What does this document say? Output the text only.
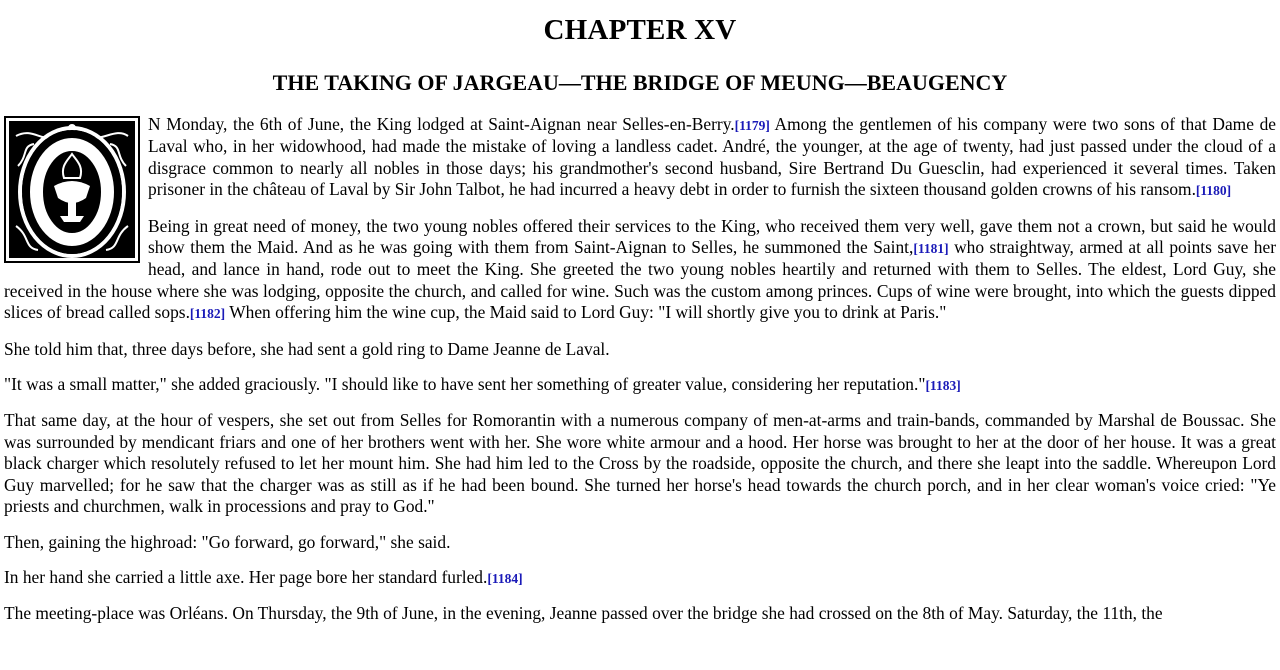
CHAPTER XV
THE TAKING OF JARGEAU—THE BRIDGE OF MEUNG—BEAUGENCY

N Monday, the 6th of June, the King lodged at Saint-Aignan near Selles-en-Berry.[1179] Among the gentlemen of his company were two sons of that Dame de Laval who, in her widowhood, had made the mistake of loving a landless cadet. André, the younger, at the age of twenty, had just passed under the cloud of a disgrace common to nearly all nobles in those days; his grandmother's second husband, Sire Bertrand Du Guesclin, had experienced it several times. Taken prisoner in the château of Laval by Sir John Talbot, he had incurred a heavy debt in order to furnish the sixteen thousand golden crowns of his ransom.[1180]

Being in great need of money, the two young nobles offered their services to the King, who received them very well, gave them not a crown, but said he would show them the Maid. And as he was going with them from Saint-Aignan to Selles, he summoned the Saint,[1181] who straightway, armed at all points save her head, and lance in hand, rode out to meet the King. She greeted the two young nobles heartily and returned with them to Selles. The eldest, Lord Guy, she received in the house where she was lodging, opposite the church, and called for wine. Such was the custom among princes. Cups of wine were brought, into which the guests dipped slices of bread called sops.[1182] When offering him the wine cup, the Maid said to Lord Guy: "I will shortly give you to drink at Paris."

She told him that, three days before, she had sent a gold ring to Dame Jeanne de Laval.

"It was a small matter," she added graciously. "I should like to have sent her something of greater value, considering her reputation."[1183]

That same day, at the hour of vespers, she set out from Selles for Romorantin with a numerous company of men-at-arms and train-bands, commanded by Marshal de Boussac. She was surrounded by mendicant friars and one of her brothers went with her. She wore white armour and a hood. Her horse was brought to her at the door of her house. It was a great black charger which resolutely refused to let her mount him. She had him led to the Cross by the roadside, opposite the church, and there she leapt into the saddle. Whereupon Lord Guy marvelled; for he saw that the charger was as still as if he had been bound. She turned her horse's head towards the church porch, and in her clear woman's voice cried: "Ye priests and churchmen, walk in processions and pray to God."

Then, gaining the highroad: "Go forward, go forward," she said.

In her hand she carried a little axe. Her page bore her standard furled.[1184]

The meeting-place was Orléans. On Thursday, the 9th of June, in the evening, Jeanne passed over the bridge she had crossed on the 8th of May. Saturday, the 11th, the
